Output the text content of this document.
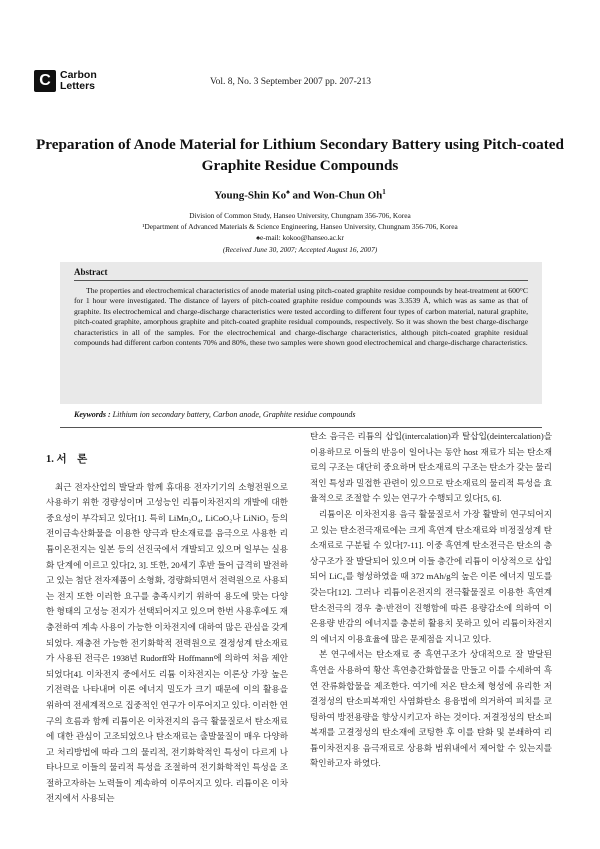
C Carbon
Letters	Vol. 8, No. 3 September 2007 pp. 207-213
Preparation of Anode Material for Lithium Secondary Battery using Pitch-coated Graphite Residue Compounds
Young-Shin Ko♠ and Won-Chun Oh$^1$
Division of Common Study, Hanseo University, Chungnam 356-706, Korea
¹Department of Advanced Materials & Science Engineering, Hanseo University, Chungnam 356-706, Korea
♠e-mail: kokoo@hanseo.ac.kr
(Received June 30, 2007; Accepted August 16, 2007)
Abstract

The properties and electrochemical characteristics of anode material using pitch-coated graphite residue compounds by heat-treatment at 600°C for 1 hour were investigated. The distance of layers of pitch-coated graphite residue compounds was 3.3539 Å, which was as same as that of graphite. Its electrochemical and charge-discharge characteristics were tested according to different four types of carbon material, natural graphite, pitch-coated graphite, amorphous graphite and pitch-coated graphite residual compounds, respectively. So it was shown the best charge-discharge characteristics in all of the samples. For the electrochemical and charge-discharge characteristics, although pitch-coated graphite residual compounds had different carbon contents 70% and 80%, these two samples were shown good electrochemical and charge-discharge characteristics.

Keywords : Lithium ion secondary battery, Carbon anode, Graphite residue compounds
1. 서    론

최근 전자산업의 발달과 함께 휴대용 전자기기의 소형전원으로 사용하기 위한 경량성이며 고성능인 리튬이차전지의 개발에 대한 중요성이 부각되고 있다[1]. 특히 LiMn₂O₄, LiCoO₂나 LiNiO₂ 등의 전이금속산화물을 이용한 양극과 탄소재료를 음극으로 사용한 리튬이온전지는 일본 등의 선진국에서 개발되고 있으며 일부는 실용화 단계에 이르고 있다[2, 3]. 또한, 20세기 후반 들어 급격히 발전하고 있는 첨단 전자제품이 소형화, 경량화되면서 전력원으로 사용되는 전지 또한 이러한 요구를 충족시키기 위하여 용도에 맞는 다양한 형태의 고성능 전지가 선택되어지고 있으며 한번 사용후에도 재충전하여 계속 사용이 가능한 이차전지에 대하여 많은 관심을 갖게 되었다. 재충전 가능한 전기화학적 전력원으로 결정성계 탄소재료가 사용된 전극은 1938년 Rudorff와 Hoffmann에 의하여 처음 제안되었다[4]. 이차전지 중에서도 리튬 이차전지는 이론상 가장 높은 기전력을 나타내며 이론 에너지 밀도가 크기 때문에 이의 활용을 위하여 전세계적으로 집중적인 연구가 이루어지고 있다. 이러한 연구의 흐름과 함께 리튬이온 이차전지의 음극 활물질로서 탄소재료에 대한 관심이 고조되었으나 탄소재료는 출발물질이 매우 다양하고 처리방법에 따라 그의 물리적, 전기화학적인 특성이 다르게 나타나므로 이들의 물리적 특성을 조절하여 전기화학적인 특성을 조절하고자하는 노력들이 계속하여 이루어지고 있다. 리튬이온 이차전지에서 사용되는

탄소 음극은 리튬의 삽입(intercalation)과 탈삽입(deintercalation)을 이용하므로 이들의 반응이 일어나는 동안 host 재료가 되는 탄소재료의 구조는 대단히 중요하며 탄소재료의 구조는 탄소가 갖는 물리적인 특성과 밀접한 관련이 있으므로 탄소재료의 물리적 특성을 효율적으로 조절할 수 있는 연구가 수행되고 있다[5, 6].

리튬이온 이차전지용 음극 활물질로서 가장 활발히 연구되어지고 있는 탄소전극재료에는 크게 흑연계 탄소재료와 비정질성계 탄소재료로 구분될 수 있다[7-11]. 이중 흑연계 탄소전극은 탄소의 층상구조가 잘 발달되어 있으며 이들 층간에 리튬이 이상적으로 삽입되어 LiC₆를 형성하였을 때 372 mAh/g의 높은 이론 에너지 밀도를 갖는다[12]. 그러나 리튬이온전지의 전극활물질로 이용한 흑연계 탄소전극의 경우 충·반전이 진행함에 따른 용량감소에 의하여 이온용량 반감의 에너지를 충분히 활용치 못하고 있어 리튬이차전지의 에너지 이용효율에 많은 문제점을 지니고 있다.

본 연구에서는 탄소재료 중 흑연구조가 상대적으로 잘 발달된 흑연을 사용하여 황산 흑연층간화합물을 만들고 이를 수세하여 흑연 잔류화합물을 제조한다. 여기에 저온 탄소체 형성에 유리한 저결정성의 탄소피복재인 사염화탄소 용융법에 의거하여 피치를 코팅하여 방전용량을 향상시키고자 하는 것이다. 저결정성의 탄소피복재를 고결정성의 탄소재에 코팅한 후 이를 탄화 및 분쇄하여 리튬이차전지용 음극재료로 상용화 범위내에서 제어할 수 있는지를 확인하고자 하였다.
